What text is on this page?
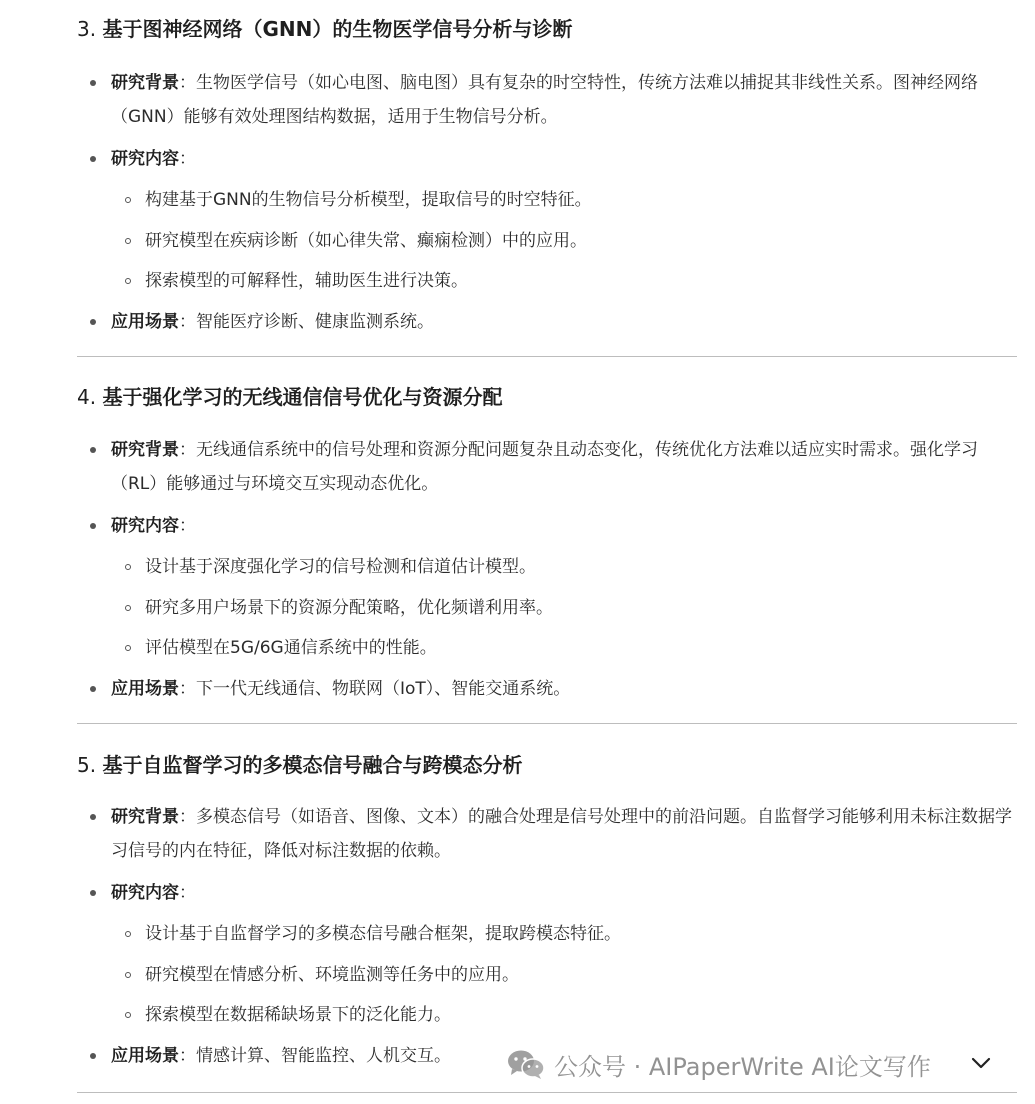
3. 基于图神经网络（GNN）的生物医学信号分析与诊断
研究背景：生物医学信号（如心电图、脑电图）具有复杂的时空特性，传统方法难以捕捉其非线性关系。图神经网络（GNN）能够有效处理图结构数据，适用于生物信号分析。
研究内容：
构建基于GNN的生物信号分析模型，提取信号的时空特征。
研究模型在疾病诊断（如心律失常、癫痫检测）中的应用。
探索模型的可解释性，辅助医生进行决策。
应用场景：智能医疗诊断、健康监测系统。
4. 基于强化学习的无线通信信号优化与资源分配
研究背景：无线通信系统中的信号处理和资源分配问题复杂且动态变化，传统优化方法难以适应实时需求。强化学习（RL）能够通过与环境交互实现动态优化。
研究内容：
设计基于深度强化学习的信号检测和信道估计模型。
研究多用户场景下的资源分配策略，优化频谱利用率。
评估模型在5G/6G通信系统中的性能。
应用场景：下一代无线通信、物联网（IoT）、智能交通系统。
5. 基于自监督学习的多模态信号融合与跨模态分析
研究背景：多模态信号（如语音、图像、文本）的融合处理是信号处理中的前沿问题。自监督学习能够利用未标注数据学习信号的内在特征，降低对标注数据的依赖。
研究内容：
设计基于自监督学习的多模态信号融合框架，提取跨模态特征。
研究模型在情感分析、环境监测等任务中的应用。
探索模型在数据稀缺场景下的泛化能力。
应用场景：情感计算、智能监控、人机交互。	公众号 · AIPaperWrite AI论文写作
